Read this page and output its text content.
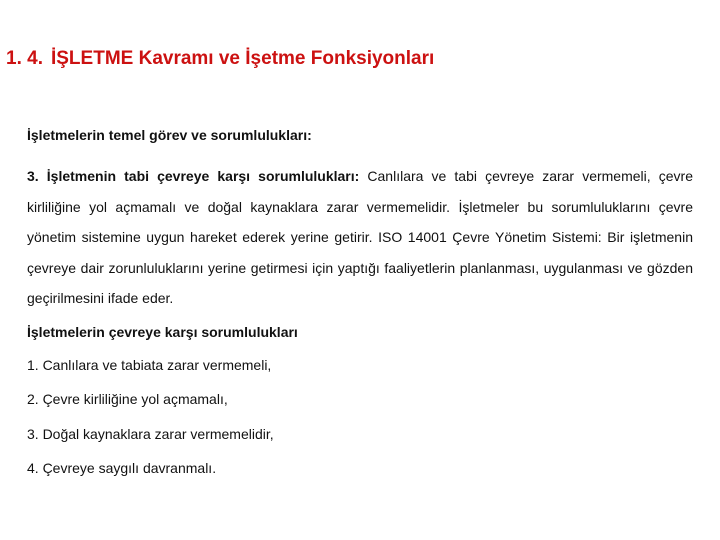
1. 4. İŞLETME Kavramı ve İşetme Fonksiyonları
İşletmelerin temel görev ve sorumlulukları:
3. İşletmenin tabi çevreye karşı sorumlulukları: Canlılara ve tabi çevreye zarar vermemeli, çevre kirliliğine yol açmamalı ve doğal kaynaklara zarar vermemelidir. İşletmeler bu sorumluluklarını çevre yönetim sistemine uygun hareket ederek yerine getirir. ISO 14001 Çevre Yönetim Sistemi: Bir işletmenin çevreye dair zorunluluklarını yerine getirmesi için yaptığı faaliyetlerin planlanması, uygulanması ve gözden geçirilmesini ifade eder.
İşletmelerin çevreye karşı sorumlulukları
1. Canlılara ve tabiata zarar vermemeli,
2. Çevre kirliliğine yol açmamalı,
3. Doğal kaynaklara zarar vermemelidir,
4. Çevreye saygılı davranmalı.
